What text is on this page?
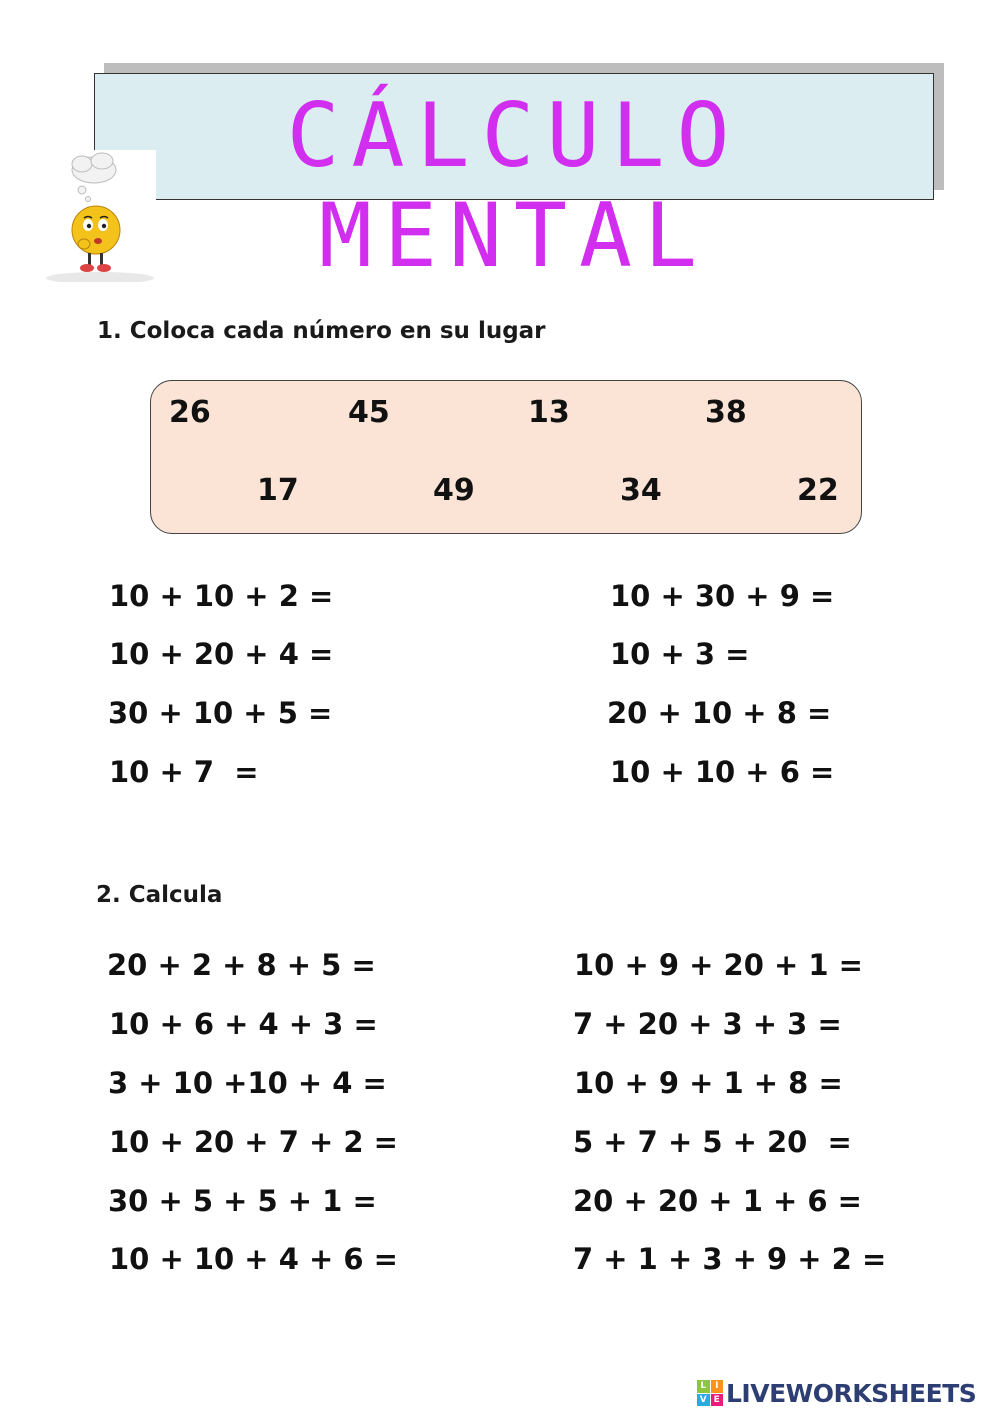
CÁLCULO MENTAL
1. Coloca cada número en su lugar
26	45	13	38
17	49	34	22
10 + 10 + 2 =
10 + 20 + 4 =
30 + 10 + 5 =
10 + 7  =
10 + 30 + 9 =
10 + 3 =
20 + 10 + 8 =
10 + 10 + 6 =
2. Calcula
20 + 2 + 8 + 5 =
10 + 6 + 4 + 3 =
3 + 10 +10 + 4 =
10 + 20 + 7 + 2 =
30 + 5 + 5 + 1 =
10 + 10 + 4 + 6 =
10 + 9 + 20 + 1 =
7 + 20 + 3 + 3 =
10 + 9 + 1 + 8 =
5 + 7 + 5 + 20  =
20 + 20 + 1 + 6 =
7 + 1 + 3 + 9 + 2 =
L I
V E LIVEWORKSHEETS
